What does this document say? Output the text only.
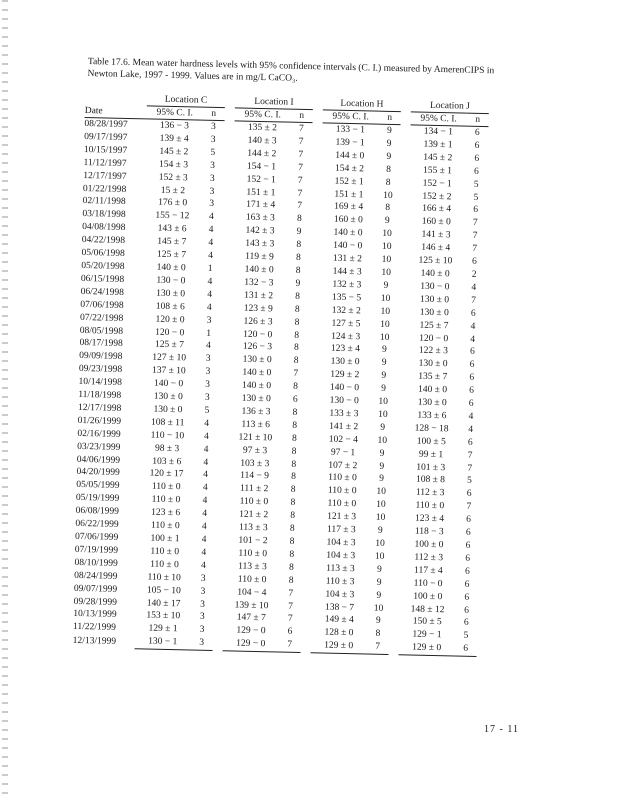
Table 17.6. Mean water hardness levels with 95% confidence intervals (C. I.) measured by AmerenCIPS in Newton Lake, 1997 - 1999. Values are in mg/L CaCO₃.
	Location C			Location I			Location H			Location J	
Date	95% C. I.	n		95% C. I.	n		95% C. I.	n		95% C. I.	n
08/28/1997	136 − 3	3		135 ± 2	7		133 − 1	9		134 − 1	6
09/17/1997	139 ± 4	3		140 ± 3	7		139 − 1	9		139 ± 1	6
10/15/1997	145 ± 2	5		144 ± 2	7		144 ± 0	9		145 ± 2	6
11/12/1997	154 ± 3	3		154 − 1	7		154 ± 2	8		155 ± 1	6
12/17/1997	152 ± 3	3		152 − 1	7		152 ± 1	8		152 − 1	5
01/22/1998	15 ± 2	3		151 ± 1	7		151 ± 1	10		152 ± 2	5
02/11/1998	176 ± 0	3		171 ± 4	7		169 ± 4	8		166 ± 4	6
03/18/1998	155 − 12	4		163 ± 3	8		160 ± 0	9		160 ± 0	7
04/08/1998	143 ± 6	4		142 ± 3	9		140 ± 0	10		141 ± 3	7
04/22/1998	145 ± 7	4		143 ± 3	8		140 − 0	10		146 ± 4	7
05/06/1998	125 ± 7	4		119 ± 9	8		131 ± 2	10		125 ± 10	6
05/20/1998	140 ± 0	1		140 ± 0	8		144 ± 3	10		140 ± 0	2
06/15/1998	130 − 0	4		132 − 3	9		132 ± 3	9		130 − 0	4
06/24/1998	130 ± 0	4		131 ± 2	8		135 − 5	10		130 ± 0	7
07/06/1998	108 ± 6	4		123 ± 9	8		132 ± 2	10		130 ± 0	6
07/22/1998	120 ± 0	3		126 ± 3	8		127 ± 5	10		125 ± 7	4
08/05/1998	120 − 0	1		120 − 0	8		124 ± 3	10		120 − 0	4
08/17/1998	125 ± 7	4		126 − 3	8		123 ± 4	9		122 ± 3	6
09/09/1998	127 ± 10	3		130 ± 0	8		130 ± 0	9		130 ± 0	6
09/23/1998	137 ± 10	3		140 ± 0	7		129 ± 2	9		135 ± 7	6
10/14/1998	140 − 0	3		140 ± 0	8		140 − 0	9		140 ± 0	6
11/18/1998	130 ± 0	3		130 ± 0	6		130 − 0	10		130 ± 0	6
12/17/1998	130 ± 0	5		136 ± 3	8		133 ± 3	10		133 ± 6	4
01/26/1999	108 ± 11	4		113 ± 6	8		141 ± 2	9		128 − 18	4
02/16/1999	110 − 10	4		121 ± 10	8		102 − 4	10		100 ± 5	6
03/23/1999	98 ± 3	4		97 ± 3	8		97 − 1	9		99 ± 1	7
04/06/1999	103 ± 6	4		103 ± 3	8		107 ± 2	9		101 ± 3	7
04/20/1999	120 ± 17	4		114 − 9	8		110 ± 0	9		108 ± 8	5
05/05/1999	110 ± 0	4		111 ± 2	8		110 ± 0	10		112 ± 3	6
05/19/1999	110 ± 0	4		110 ± 0	8		110 ± 0	10		110 ± 0	7
06/08/1999	123 ± 6	4		121 ± 2	8		121 ± 3	10		123 ± 4	6
06/22/1999	110 ± 0	4		113 ± 3	8		117 ± 3	9		118 − 3	6
07/06/1999	100 ± 1	4		101 − 2	8		104 ± 3	10		100 ± 0	6
07/19/1999	110 ± 0	4		110 ± 0	8		104 ± 3	10		112 ± 3	6
08/10/1999	110 ± 0	4		113 ± 3	8		113 ± 3	9		117 ± 4	6
08/24/1999	110 ± 10	3		110 ± 0	8		110 ± 3	9		110 − 0	6
09/07/1999	105 − 10	3		104 − 4	7		104 ± 3	9		100 ± 0	6
09/28/1999	140 ± 17	3		139 ± 10	7		138 − 7	10		148 ± 12	6
10/13/1999	153 ± 10	3		147 ± 7	7		149 ± 4	9		150 ± 5	6
11/22/1999	129 ± 1	3		129 − 0	6		128 ± 0	8		129 − 1	5
12/13/1999	130 − 1	3		129 − 0	7		129 ± 0	7		129 ± 0	6
17 - 11
